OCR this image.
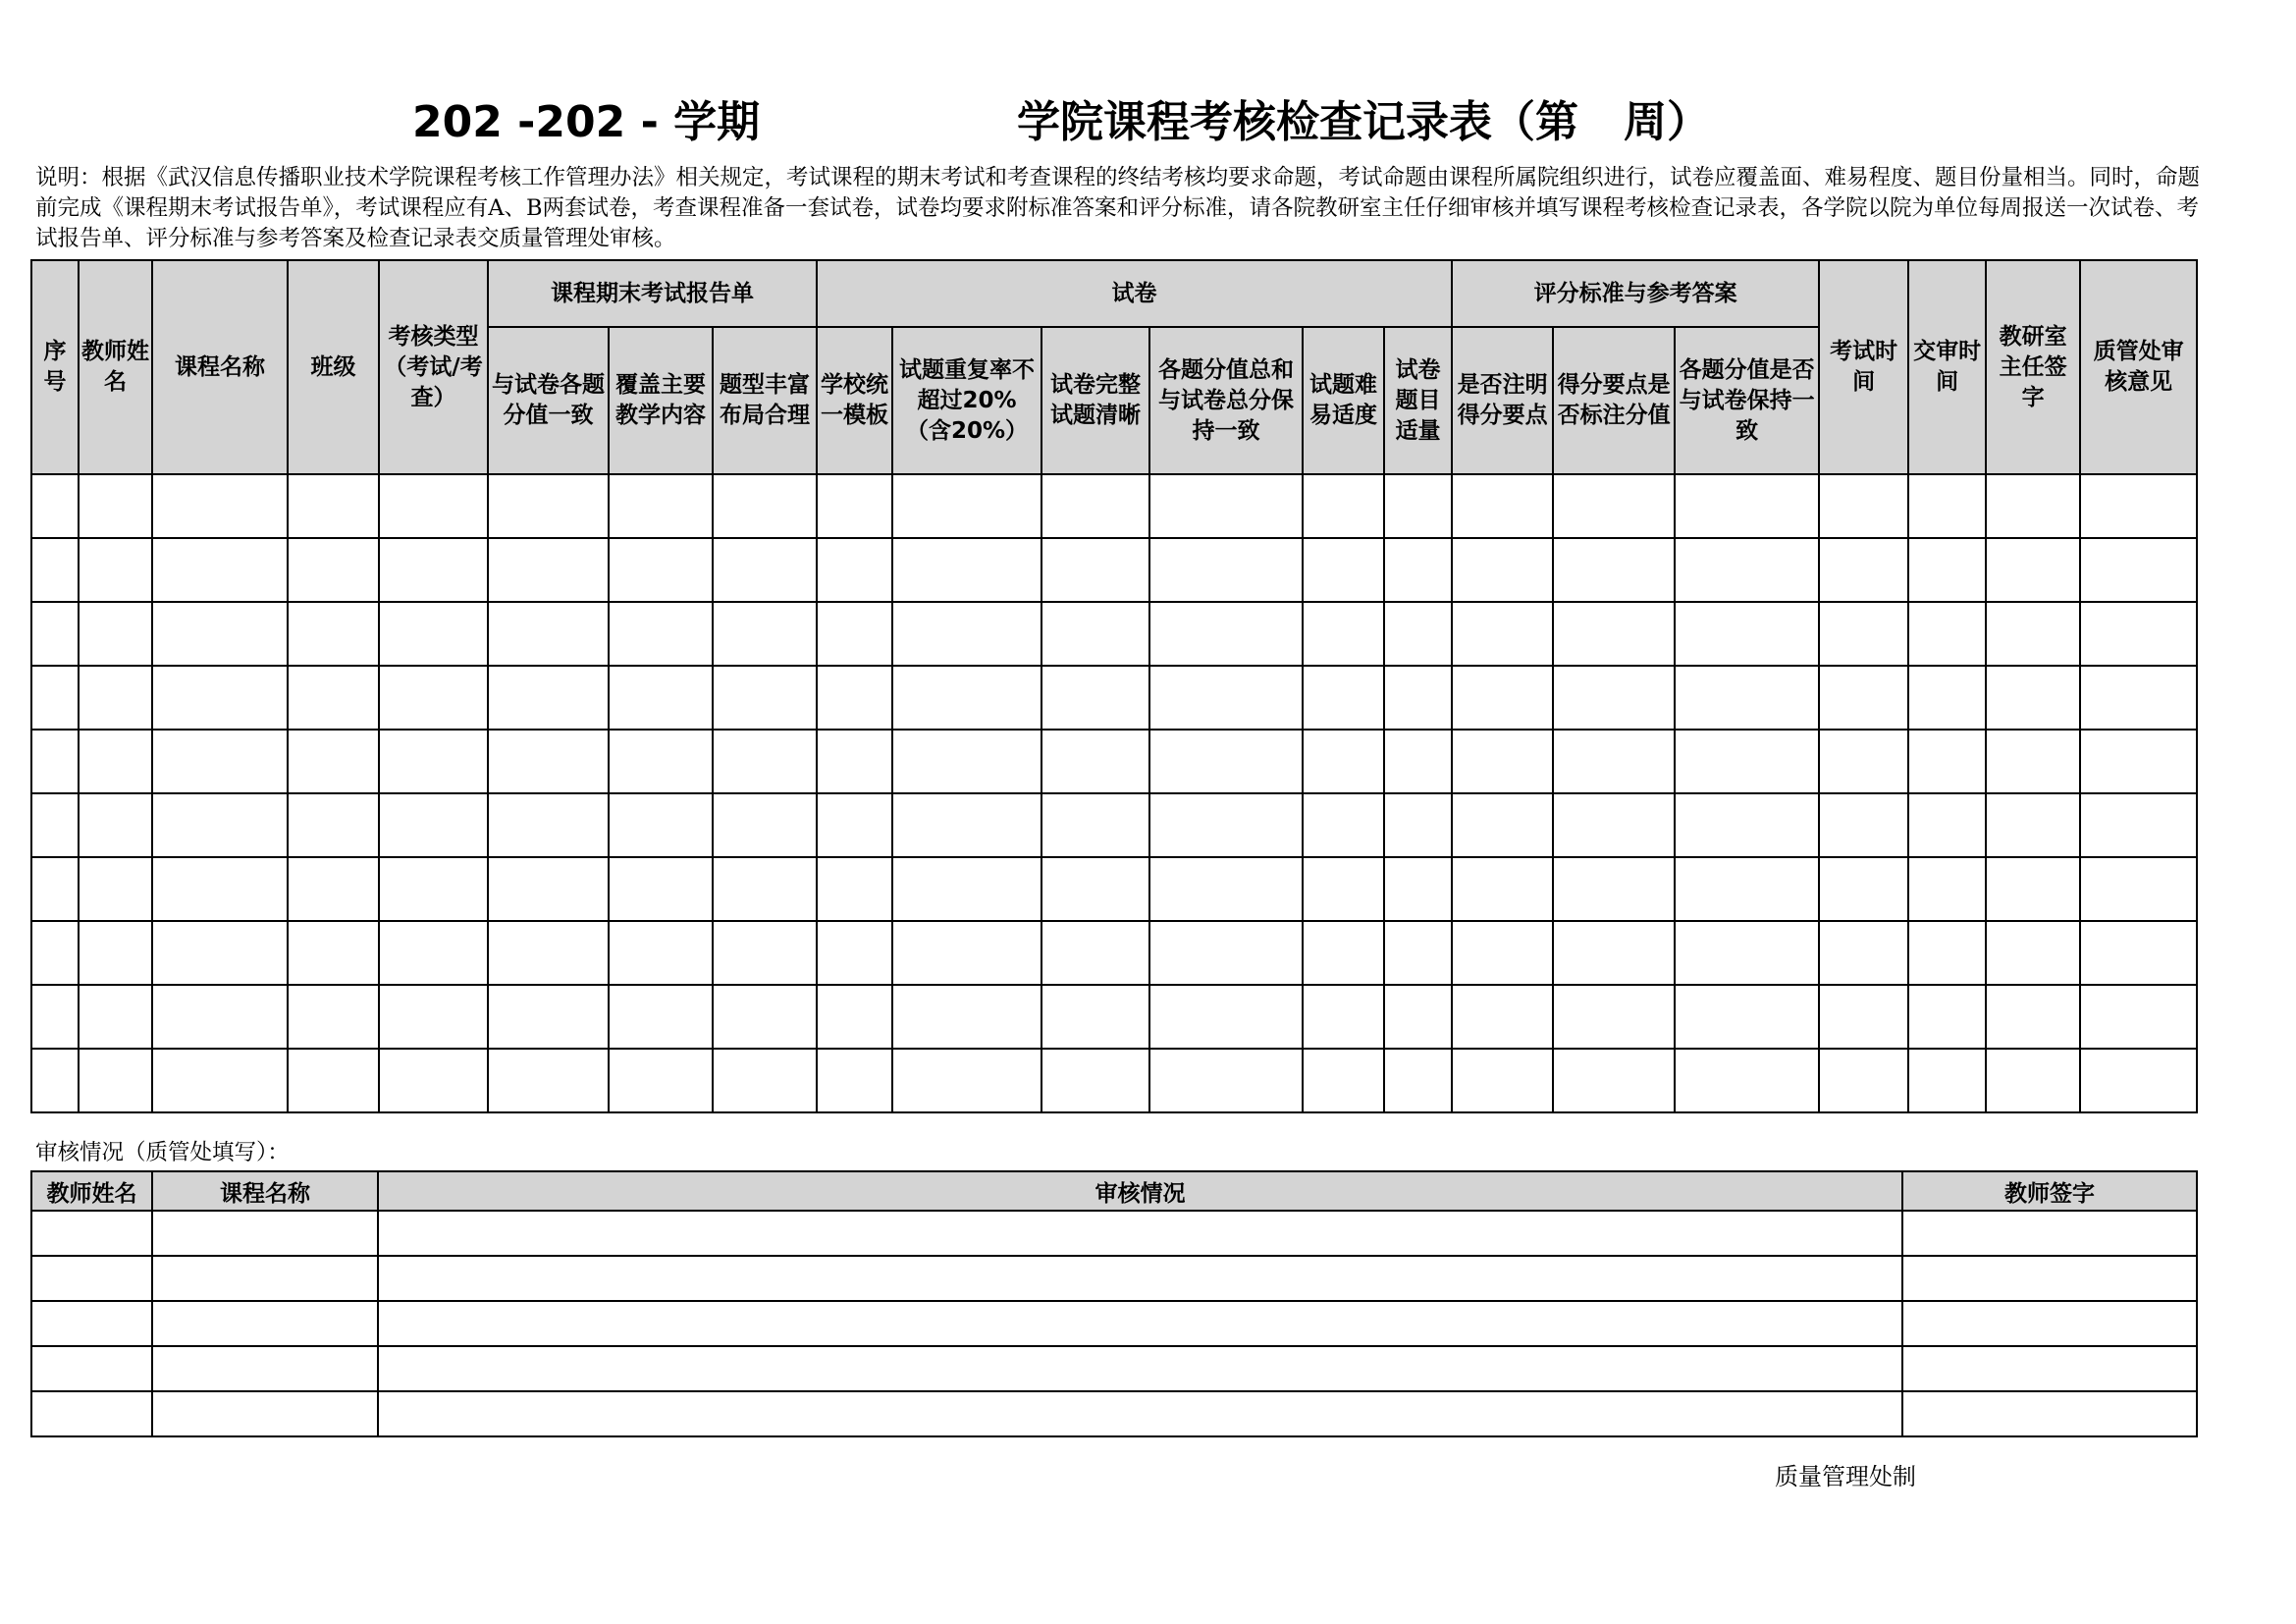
202 -202 - 学期	学院课程考核检查记录表（第   周）
说明：根据《武汉信息传播职业技术学院课程考核工作管理办法》相关规定，考试课程的期末考试和考查课程的终结考核均要求命题，考试命题由课程所属院组织进行，试卷应覆盖面、难易程度、题目份量相当。同时，命题前完成《课程期末考试报告单》，考试课程应有A、B两套试卷，考查课程准备一套试卷，试卷均要求附标准答案和评分标准，请各院教研室主任仔细审核并填写课程考核检查记录表，各学院以院为单位每周报送一次试卷、考试报告单、评分标准与参考答案及检查记录表交质量管理处审核。
序号	教师姓名	课程名称	班级	考核类型（考试/考查）	课程期末考试报告单			试卷						评分标准与参考答案			考试时间	交审时间	教研室主任签字	质管处审核意见
					与试卷各题分值一致	覆盖主要教学内容	题型丰富布局合理	学校统一模板	试题重复率不超过20%（含20%）	试卷完整试题清晰	各题分值总和与试卷总分保持一致	试题难易适度	试卷题目适量	是否注明得分要点	得分要点是否标注分值	各题分值是否与试卷保持一致				

审核情况（质管处填写）：
教师姓名	课程名称	审核情况	教师签字

质量管理处制
